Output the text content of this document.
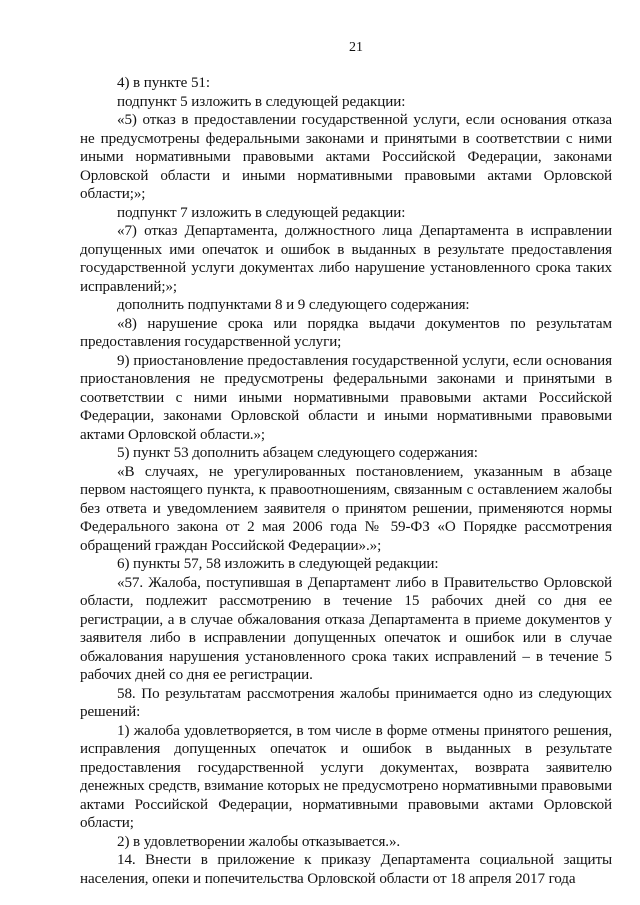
21

4) в пункте 51:

подпункт 5 изложить в следующей редакции:

«5) отказ в предоставлении государственной услуги, если основания отказа не предусмотрены федеральными законами и принятыми в соответствии с ними иными нормативными правовыми актами Российской Федерации, законами Орловской области и иными нормативными правовыми актами Орловской области;»;

подпункт 7 изложить в следующей редакции:

«7) отказ Департамента, должностного лица Департамента в исправлении допущенных ими опечаток и ошибок в выданных в результате предоставления государственной услуги документах либо нарушение установленного срока таких исправлений;»;

дополнить подпунктами 8 и 9 следующего содержания:

«8) нарушение срока или порядка выдачи документов по результатам предоставления государственной услуги;

9) приостановление предоставления государственной услуги, если основания приостановления не предусмотрены федеральными законами и принятыми в соответствии с ними иными нормативными правовыми актами Российской Федерации, законами Орловской области и иными нормативными правовыми актами Орловской области.»;

5) пункт 53 дополнить абзацем следующего содержания:

«В случаях, не урегулированных постановлением, указанным в абзаце первом настоящего пункта, к правоотношениям, связанным с оставлением жалобы без ответа и уведомлением заявителя о принятом решении, применяются нормы Федерального закона от 2 мая 2006 года № 59-ФЗ «О Порядке рассмотрения обращений граждан Российской Федерации».»;

6) пункты 57, 58 изложить в следующей редакции:

«57. Жалоба, поступившая в Департамент либо в Правительство Орловской области, подлежит рассмотрению в течение 15 рабочих дней со дня ее регистрации, а в случае обжалования отказа Департамента в приеме документов у заявителя либо в исправлении допущенных опечаток и ошибок или в случае обжалования нарушения установленного срока таких исправлений – в течение 5 рабочих дней со дня ее регистрации.

58. По результатам рассмотрения жалобы принимается одно из следующих решений:

1) жалоба удовлетворяется, в том числе в форме отмены принятого решения, исправления допущенных опечаток и ошибок в выданных в результате предоставления государственной услуги документах, возврата заявителю денежных средств, взимание которых не предусмотрено нормативными правовыми актами Российской Федерации, нормативными правовыми актами Орловской области;

2) в удовлетворении жалобы отказывается.».

14. Внести в приложение к приказу Департамента социальной защиты населения, опеки и попечительства Орловской области от 18 апреля 2017 года
